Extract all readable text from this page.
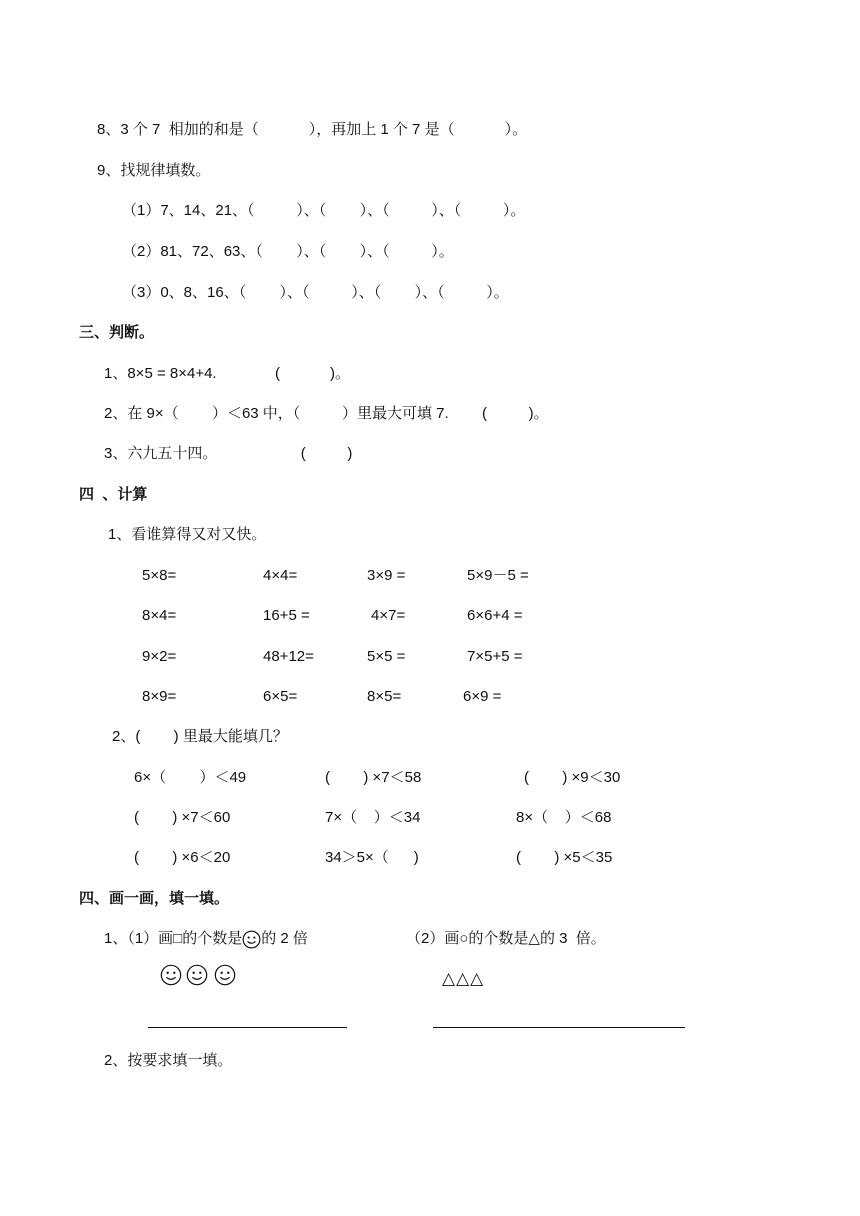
8、3 个 7  相加的和是（            ），再加上 1 个 7 是（            ）。
9、找规律填数。
（1）7、14、21、（          ）、（        ）、（          ）、（          ）。
（2）81、72、63、（        ）、（        ）、（          ）。
（3）0、8、16、（        ）、（          ）、（        ）、（          ）。
三、判断。
1、8×5 = 8×4+4.              (            )。
2、在 9×（        ）＜63 中，（          ）里最大可填 7.        (          )。
3、六九五十四。                    (          )
四  、计算
1、看谁算得又对又快。
5×8=	4×4=	3×9 =	5×9－5 =
8×4=	16+5 =	4×7=	6×6+4 =
9×2=	48+12=	5×5 =	7×5+5 =
8×9=	6×5=	8×5=	6×9 =
2、(        ) 里最大能填几？
6×（        ）＜49	(        ) ×7＜58	(        ) ×9＜30
(        ) ×7＜60	7×（    ）＜34	8×（    ）＜68
(        ) ×6＜20	34＞5×（      )	(        ) ×5＜35
四、画一画，填一填。
1、（1）画□的个数是 的 2 倍	（2）画○的个数是△的 3  倍。
△△△
2、按要求填一填。
